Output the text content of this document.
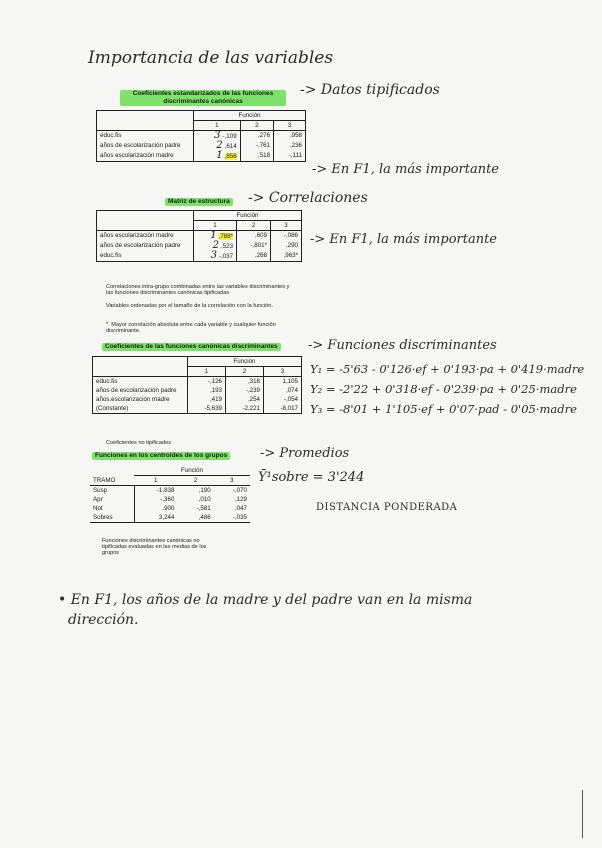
Importancia de las variables
Coeficientes estandarizados de las funciones discriminantes canónicas
-> Datos tipificados
	Función		
	1	2	3
educ.fis	3 -,109	,276	,958
años de escolarización padre	2 ,614	-,761	,236
años escolarización madre	1 ,856	,518	-,111
-> En F1, la más importante
Matriz de estructura -> Correlaciones
	Función		
	1	2	3
años escolarización madre	1 ,788*	,609	-,086
años de escolarización padre	2 ,523	-,801*	,290
educ.fis	3 -,037	,268	,963*
-> En F1, la más importante
Correlaciones intra-grupo combinadas entre las variables discriminantes y las funciones discriminantes canónicas tipificadas
Variables ordenadas por el tamaño de la correlación con la función.
*. Mayor correlación absoluta entre cada variable y cualquier función discriminante.
Coeficientes de las funciones canónicas discriminantes -> Funciones discriminantes
	Función		
	1	2	3
educ.fis	-,126	,318	1,105
años de escolarización padre	,193	-,239	,074
años.escolarización madre	,419	,254	-,054
(Constante)	-5,639	-2,221	-8,017
Coeficientes no tipificados
Y₁ = -5'63 - 0'126·ef + 0'193·pa + 0'419·madre
Y₂ = -2'22 + 0'318·ef - 0'239·pa + 0'25·madre
Y₃ = -8'01 + 1'105·ef + 0'07·pad - 0'05·madre
Funciones en los centroides de los grupos	-> Promedios
	Función		
TRAMO	1	2	3
Susp	-1,838	,190	-,070
Apr	-,360	,010	,129
Not	,900	-,581	,047
Sobres	3,244	,486	-,035
Funciones discriminantes canónicas no tipificadas evaluadas en las medias de los grupos
Ȳ¹sobre = 3'244
DISTANCIA PONDERADA
• En F1, los años de la madre y del padre van en la misma
dirección.
